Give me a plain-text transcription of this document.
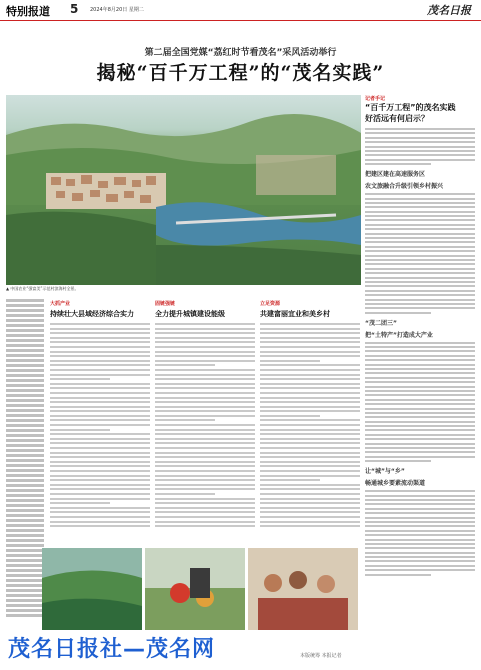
特别报道 5 2024年8月20日 星期二	茂名日报
第二届全国党媒“荔红时节看茂名”采风活动举行
揭秘“百千万工程”的“茂名实践”
▲ 中国农业“强富美”示范村滨海村全景。
大抓产业
持续壮大县域经济综合实力
固链强链
全力提升城镇建设能级
立足资源
共建富丽宜业和美乡村
记者手记
“百千万工程”的茂名实践
好活远有何启示？
把建区建在高速服务区
农文旅融合升级引领乡村振兴
“茂二团三”
把“土特产”打造成大产业
让“城”与“乡”
畅通城乡要素流动渠道
茂名日报社—茂名网	本版统筹 本报记者
